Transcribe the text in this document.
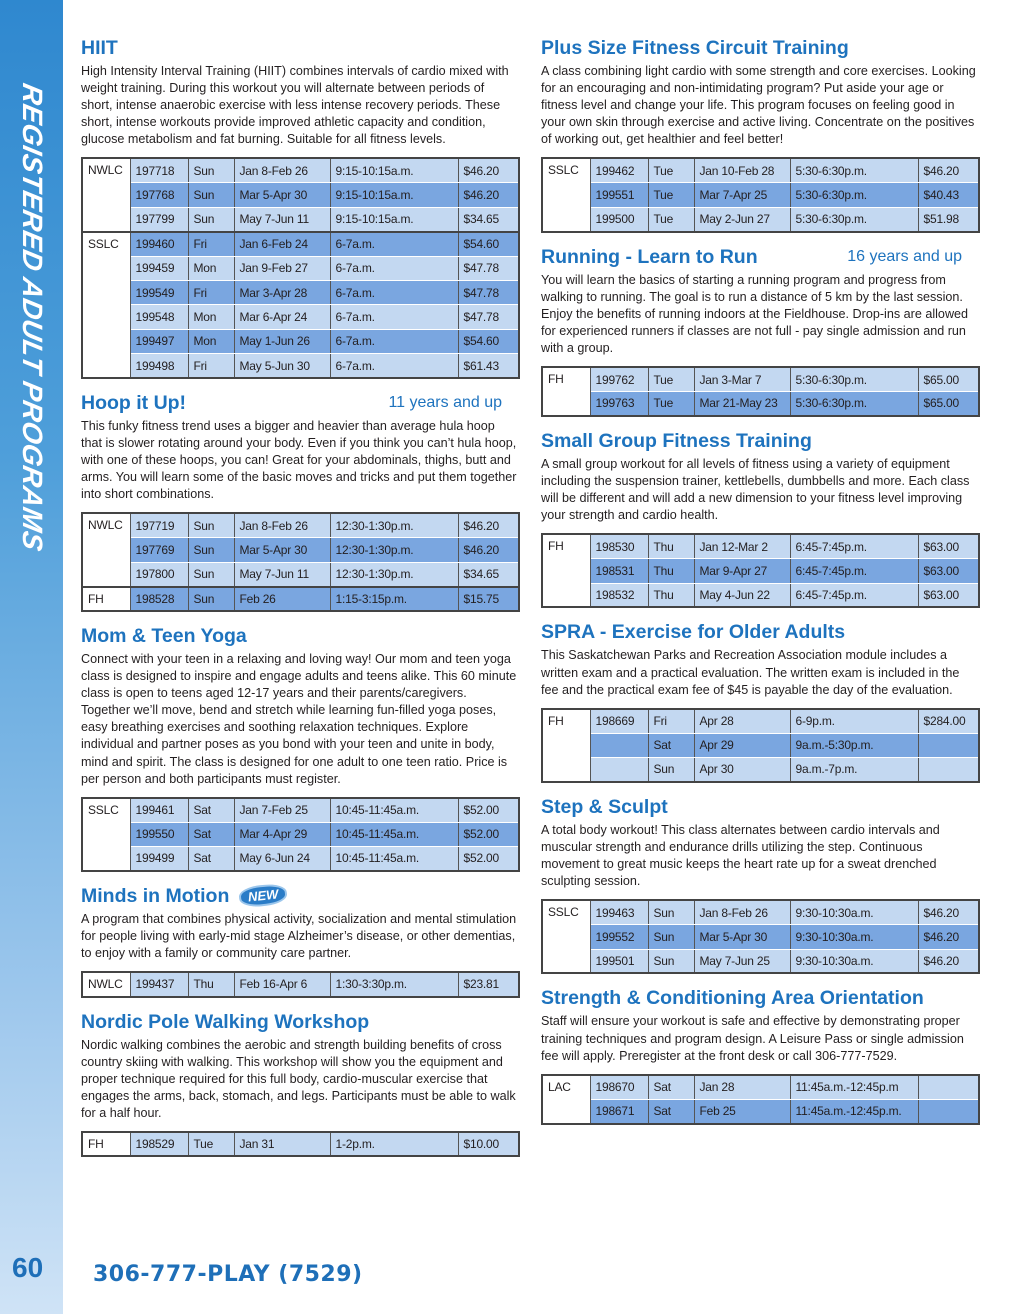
REGISTERED ADULT PROGRAMS
60 306-777-PLAY (7529)
HIIT
High Intensity Interval Training (HIIT) combines intervals of cardio mixed with weight training. During this workout you will alternate between periods of short, intense anaerobic exercise with less intense recovery periods. These short, intense workouts provide improved athletic capacity and condition, glucose metabolism and fat burning. Suitable for all fitness levels.
NWLC	197718	Sun	Jan 8-Feb 26	9:15-10:15a.m.	$46.20
	197768	Sun	Mar 5-Apr 30	9:15-10:15a.m.	$46.20
	197799	Sun	May 7-Jun 11	9:15-10:15a.m.	$34.65
SSLC	199460	Fri	Jan 6-Feb 24	6-7a.m.	$54.60
	199459	Mon	Jan 9-Feb 27	6-7a.m.	$47.78
	199549	Fri	Mar 3-Apr 28	6-7a.m.	$47.78
	199548	Mon	Mar 6-Apr 24	6-7a.m.	$47.78
	199497	Mon	May 1-Jun 26	6-7a.m.	$54.60
	199498	Fri	May 5-Jun 30	6-7a.m.	$61.43
Hoop it Up!	11 years and up
This funky fitness trend uses a bigger and heavier than average hula hoop that is slower rotating around your body. Even if you think you can’t hula hoop, with one of these hoops, you can! Great for your abdominals, thighs, butt and arms. You will learn some of the basic moves and tricks and put them together into short combinations.
NWLC	197719	Sun	Jan 8-Feb 26	12:30-1:30p.m.	$46.20
	197769	Sun	Mar 5-Apr 30	12:30-1:30p.m.	$46.20
	197800	Sun	May 7-Jun 11	12:30-1:30p.m.	$34.65
FH	198528	Sun	Feb 26	1:15-3:15p.m.	$15.75
Mom & Teen Yoga
Connect with your teen in a relaxing and loving way! Our mom and teen yoga class is designed to inspire and engage adults and teens alike. This 60 minute class is open to teens aged 12-17 years and their parents/caregivers. Together we’ll move, bend and stretch while learning fun-filled yoga poses, easy breathing exercises and soothing relaxation techniques. Explore individual and partner poses as you bond with your teen and unite in body, mind and spirit. The class is designed for one adult to one teen ratio. Price is per person and both participants must register.
SSLC	199461	Sat	Jan 7-Feb 25	10:45-11:45a.m.	$52.00
	199550	Sat	Mar 4-Apr 29	10:45-11:45a.m.	$52.00
	199499	Sat	May 6-Jun 24	10:45-11:45a.m.	$52.00
Minds in Motion	NEW
A program that combines physical activity, socialization and mental stimulation for people living with early-mid stage Alzheimer’s disease, or other dementias, to enjoy with a family or community care partner.
NWLC	199437	Thu	Feb 16-Apr 6	1:30-3:30p.m.	$23.81
Nordic Pole Walking Workshop
Nordic walking combines the aerobic and strength building benefits of cross country skiing with walking. This workshop will show you the equipment and proper technique required for this full body, cardio-muscular exercise that engages the arms, back, stomach, and legs. Participants must be able to walk for a half hour.
FH	198529	Tue	Jan 31	1-2p.m.	$10.00
Plus Size Fitness Circuit Training
A class combining light cardio with some strength and core exercises. Looking for an encouraging and non-intimidating program? Put aside your age or fitness level and change your life. This program focuses on feeling good in your own skin through exercise and active living. Concentrate on the positives of working out, get healthier and feel better!
SSLC	199462	Tue	Jan 10-Feb 28	5:30-6:30p.m.	$46.20
	199551	Tue	Mar 7-Apr 25	5:30-6:30p.m.	$40.43
	199500	Tue	May 2-Jun 27	5:30-6:30p.m.	$51.98
Running - Learn to Run	16 years and up
You will learn the basics of starting a running program and progress from walking to running. The goal is to run a distance of 5 km by the last session. Enjoy the benefits of running indoors at the Fieldhouse. Drop-ins are allowed for experienced runners if classes are not full - pay single admission and run with a group.
FH	199762	Tue	Jan 3-Mar 7	5:30-6:30p.m.	$65.00
	199763	Tue	Mar 21-May 23	5:30-6:30p.m.	$65.00
Small Group Fitness Training
A small group workout for all levels of fitness using a variety of equipment including the suspension trainer, kettlebells, dumbbells and more. Each class will be different and will add a new dimension to your fitness level improving your strength and cardio health.
FH	198530	Thu	Jan 12-Mar 2	6:45-7:45p.m.	$63.00
	198531	Thu	Mar 9-Apr 27	6:45-7:45p.m.	$63.00
	198532	Thu	May 4-Jun 22	6:45-7:45p.m.	$63.00
SPRA - Exercise for Older Adults
This Saskatchewan Parks and Recreation Association module includes a written exam and a practical evaluation. The written exam is included in the fee and the practical exam fee of $45 is payable the day of the evaluation.
FH	198669	Fri	Apr 28	6-9p.m.	$284.00
		Sat	Apr 29	9a.m.-5:30p.m.	
		Sun	Apr 30	9a.m.-7p.m.	
Step & Sculpt
A total body workout! This class alternates between cardio intervals and muscular strength and endurance drills utilizing the step. Continuous movement to great music keeps the heart rate up for a sweat drenched sculpting session.
SSLC	199463	Sun	Jan 8-Feb 26	9:30-10:30a.m.	$46.20
	199552	Sun	Mar 5-Apr 30	9:30-10:30a.m.	$46.20
	199501	Sun	May 7-Jun 25	9:30-10:30a.m.	$46.20
Strength & Conditioning Area Orientation
Staff will ensure your workout is safe and effective by demonstrating proper training techniques and program design. A Leisure Pass or single admission fee will apply. Preregister at the front desk or call 306-777-7529.
LAC	198670	Sat	Jan 28	11:45a.m.-12:45p.m	
	198671	Sat	Feb 25	11:45a.m.-12:45p.m.	
